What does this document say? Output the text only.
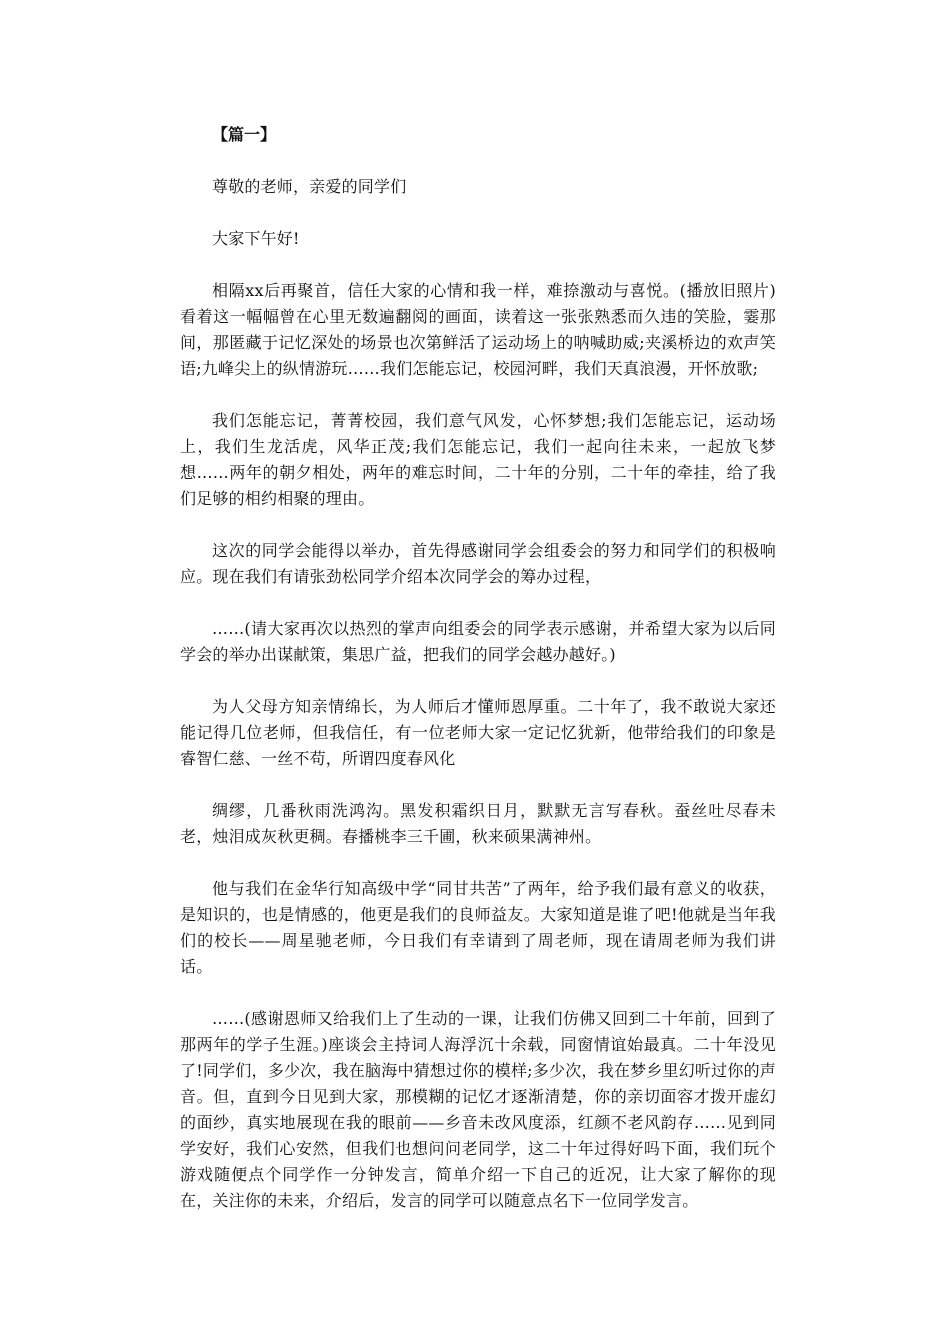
【篇一】

尊敬的老师，亲爱的同学们

大家下午好!

相隔xx后再聚首，信任大家的心情和我一样，难捺激动与喜悦。(播放旧照片)看着这一幅幅曾在心里无数遍翻阅的画面，读着这一张张熟悉而久违的笑脸，霎那间，那匿藏于记忆深处的场景也次第鲜活了运动场上的呐喊助威;夹溪桥边的欢声笑语;九峰尖上的纵情游玩……我们怎能忘记，校园河畔，我们天真浪漫，开怀放歌;

我们怎能忘记，菁菁校园，我们意气风发，心怀梦想;我们怎能忘记，运动场上，我们生龙活虎，风华正茂;我们怎能忘记，我们一起向往未来，一起放飞梦想……两年的朝夕相处，两年的难忘时间，二十年的分别，二十年的牵挂，给了我们足够的相约相聚的理由。

这次的同学会能得以举办，首先得感谢同学会组委会的努力和同学们的积极响应。现在我们有请张劲松同学介绍本次同学会的筹办过程，

……(请大家再次以热烈的掌声向组委会的同学表示感谢，并希望大家为以后同学会的举办出谋献策，集思广益，把我们的同学会越办越好。)

为人父母方知亲情绵长，为人师后才懂师恩厚重。二十年了，我不敢说大家还能记得几位老师，但我信任，有一位老师大家一定记忆犹新，他带给我们的印象是睿智仁慈、一丝不苟，所谓四度春风化

绸缪，几番秋雨洗鸿沟。黑发积霜织日月，默默无言写春秋。蚕丝吐尽春未老，烛泪成灰秋更稠。春播桃李三千圃，秋来硕果满神州。

他与我们在金华行知高级中学“同甘共苦”了两年，给予我们最有意义的收获，是知识的，也是情感的，他更是我们的良师益友。大家知道是谁了吧!他就是当年我们的校长——周星驰老师，今日我们有幸请到了周老师，现在请周老师为我们讲话。

……(感谢恩师又给我们上了生动的一课，让我们仿佛又回到二十年前，回到了那两年的学子生涯。)座谈会主持词人海浮沉十余载，同窗情谊始最真。二十年没见了!同学们，多少次，我在脑海中猜想过你的模样;多少次，我在梦乡里幻听过你的声音。但，直到今日见到大家，那模糊的记忆才逐渐清楚，你的亲切面容才拨开虚幻的面纱，真实地展现在我的眼前——乡音未改风度添，红颜不老风韵存……见到同学安好，我们心安然，但我们也想问问老同学，这二十年过得好吗下面，我们玩个游戏随便点个同学作一分钟发言，简单介绍一下自己的近况，让大家了解你的现在，关注你的未来，介绍后，发言的同学可以随意点名下一位同学发言。
